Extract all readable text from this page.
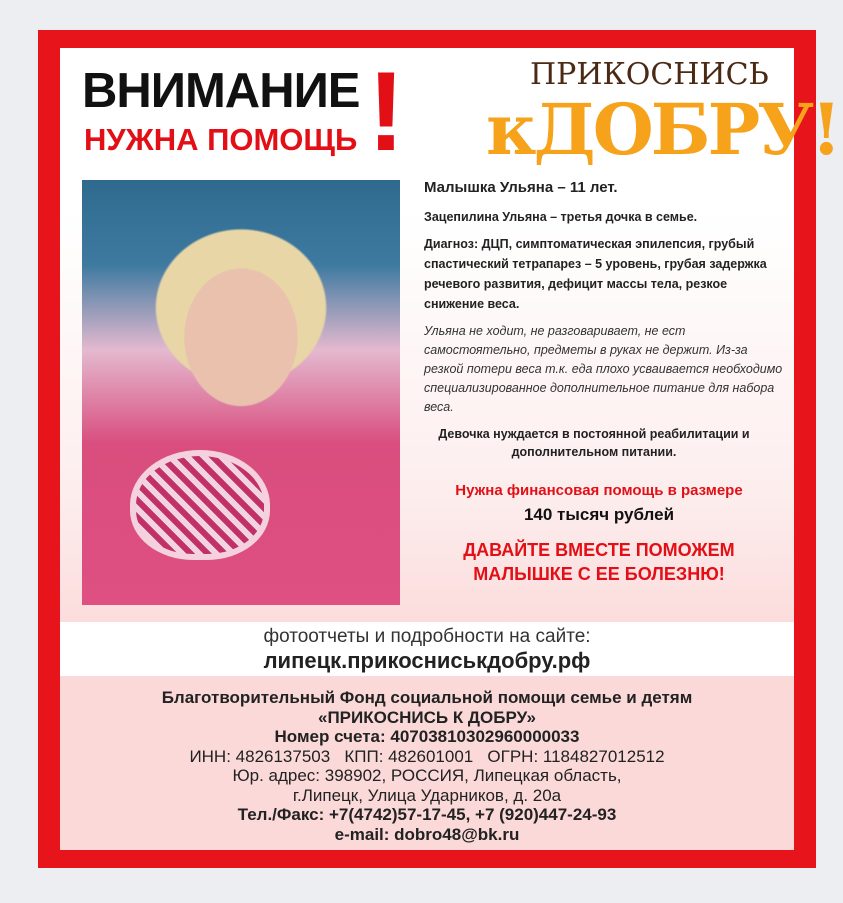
ВНИМАНИЕ
НУЖНА ПОМОЩЬ !	ПРИКОСНИСЬ
кДОБРУ!
Малышка Ульяна – 11 лет.
Зацепилина Ульяна – третья дочка в семье.
Диагноз: ДЦП, симптоматическая эпилепсия, грубый спастический тетрапарез – 5 уровень, грубая задержка речевого развития, дефицит массы тела, резкое снижение веса.
Ульяна не ходит, не разговаривает, не ест самостоятельно, предметы в руках не держит. Из-за резкой потери веса т.к. еда плохо усваивается необходимо специализированное дополнительное питание для набора веса.
Девочка нуждается в постоянной реабилитации и дополнительном питании.
Нужна финансовая помощь в размере
140 тысяч рублей
ДАВАЙТЕ ВМЕСТЕ ПОМОЖЕМ МАЛЫШКЕ С ЕЕ БОЛЕЗНЮ!
фотоотчеты и подробности на сайте:
липецк.прикосниськдобру.рф
Благотворительный Фонд социальной помощи семье и детям
«ПРИКОСНИСЬ К ДОБРУ»
Номер счета: 40703810302960000033
ИНН: 4826137503   КПП: 482601001   ОГРН: 1184827012512
Юр. адрес: 398902, РОССИЯ, Липецкая область,
г.Липецк, Улица Ударников, д. 20а
Тел./Факс: +7(4742)57-17-45, +7 (920)447-24-93
e-mail: dobro48@bk.ru
